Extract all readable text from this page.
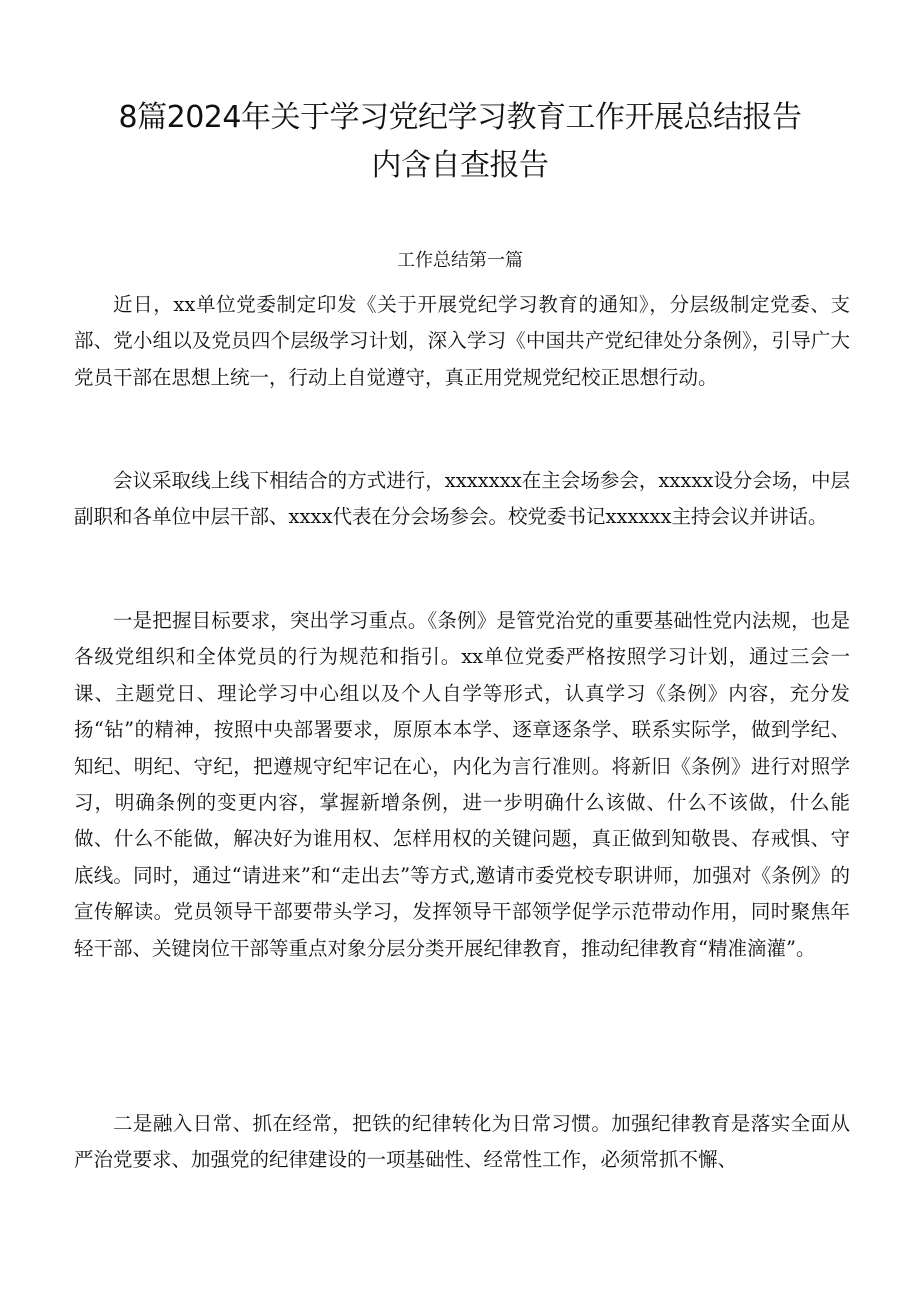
8篇2024年关于学习党纪学习教育工作开展总结报告
内含自查报告
工作总结第一篇

近日，xx单位党委制定印发《关于开展党纪学习教育的通知》，分层级制定党委、支部、党小组以及党员四个层级学习计划，深入学习《中国共产党纪律处分条例》，引导广大党员干部在思想上统一，行动上自觉遵守，真正用党规党纪校正思想行动。

会议采取线上线下相结合的方式进行，xxxxxxx在主会场参会，xxxxx设分会场，中层副职和各单位中层干部、xxxx代表在分会场参会。校党委书记xxxxxx主持会议并讲话。

一是把握目标要求，突出学习重点。《条例》是管党治党的重要基础性党内法规，也是各级党组织和全体党员的行为规范和指引。xx单位党委严格按照学习计划，通过三会一课、主题党日、理论学习中心组以及个人自学等形式，认真学习《条例》内容，充分发扬“钻”的精神，按照中央部署要求，原原本本学、逐章逐条学、联系实际学，做到学纪、知纪、明纪、守纪，把遵规守纪牢记在心，内化为言行准则。将新旧《条例》进行对照学习，明确条例的变更内容，掌握新增条例，进一步明确什么该做、什么不该做，什么能做、什么不能做，解决好为谁用权、怎样用权的关键问题，真正做到知敬畏、存戒惧、守底线。同时，通过“请进来”和“走出去”等方式,邀请市委党校专职讲师，加强对《条例》的宣传解读。党员领导干部要带头学习，发挥领导干部领学促学示范带动作用，同时聚焦年轻干部、关键岗位干部等重点对象分层分类开展纪律教育，推动纪律教育“精准滴灌”。

二是融入日常、抓在经常，把铁的纪律转化为日常习惯。加强纪律教育是落实全面从严治党要求、加强党的纪律建设的一项基础性、经常性工作，必须常抓不懈、
